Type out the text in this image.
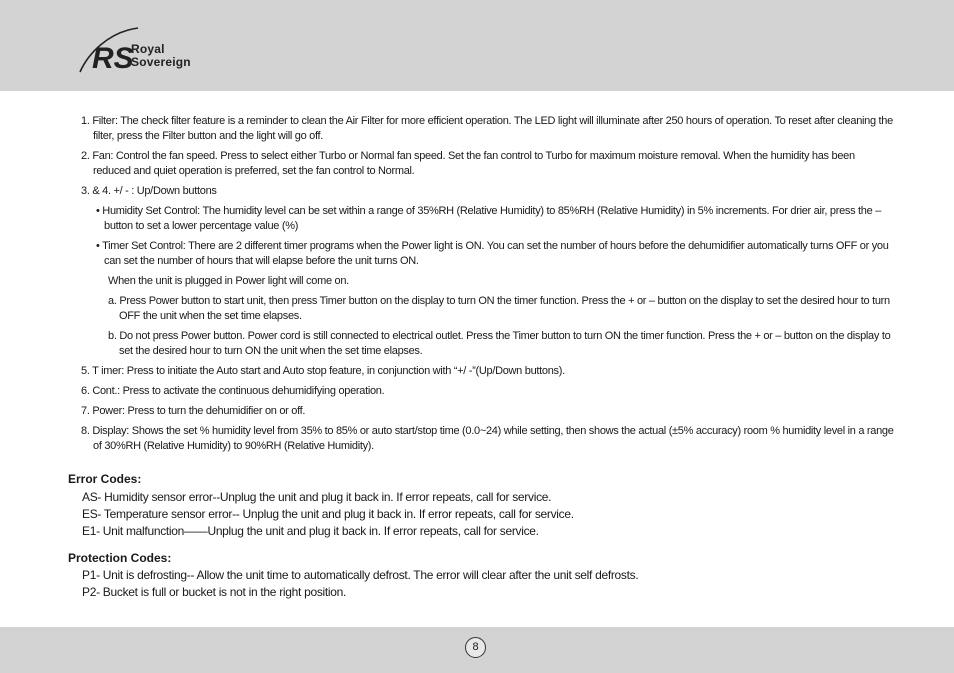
RS
Royal
Sovereign

1. Filter: The check filter feature is a reminder to clean the Air Filter for more efficient operation. The LED light will illuminate after 250 hours of operation. To reset after cleaning the filter, press the Filter button and the light will go off.

2. Fan: Control the fan speed. Press to select either Turbo or Normal fan speed. Set the fan control to Turbo for maximum moisture removal. When the humidity has been reduced and quiet operation is preferred, set the fan control to Normal.

3. & 4. +/ - : Up/Down buttons

• Humidity Set Control: The humidity level can be set within a range of 35%RH (Relative Humidity) to 85%RH (Relative Humidity) in 5% increments. For drier air, press the – button to set a lower percentage value (%)

• Timer Set Control: There are 2 different timer programs when the Power light is ON. You can set the number of hours before the dehumidifier automatically turns OFF or you can set the number of hours that will elapse before the unit turns ON.

When the unit is plugged in Power light will come on.

a. Press Power button to start unit, then press Timer button on the display to turn ON the timer function. Press the + or – button on the display to set the desired hour to turn OFF the unit when the set time elapses.

b. Do not press Power button. Power cord is still connected to electrical outlet. Press the Timer button to turn ON the timer function. Press the + or – button on the display to set the desired hour to turn ON the unit when the set time elapses.

5. T imer: Press to initiate the Auto start and Auto stop feature, in conjunction with “+/ -”(Up/Down buttons).

6. Cont.: Press to activate the continuous dehumidifying operation.

7. Power: Press to turn the dehumidifier on or off.

8. Display: Shows the set % humidity level from 35% to 85% or auto start/stop time (0.0~24) while setting, then shows the actual (±5% accuracy) room % humidity level in a range of 30%RH (Relative Humidity) to 90%RH (Relative Humidity).

Error Codes:
AS- Humidity sensor error--Unplug the unit and plug it back in. If error repeats, call for service.
ES- Temperature sensor error-- Unplug the unit and plug it back in. If error repeats, call for service.
E1- Unit malfunction——Unplug the unit and plug it back in. If error repeats, call for service.
Protection Codes:
P1- Unit is defrosting-- Allow the unit time to automatically defrost. The error will clear after the unit self defrosts.
P2- Bucket is full or bucket is not in the right position.
8
